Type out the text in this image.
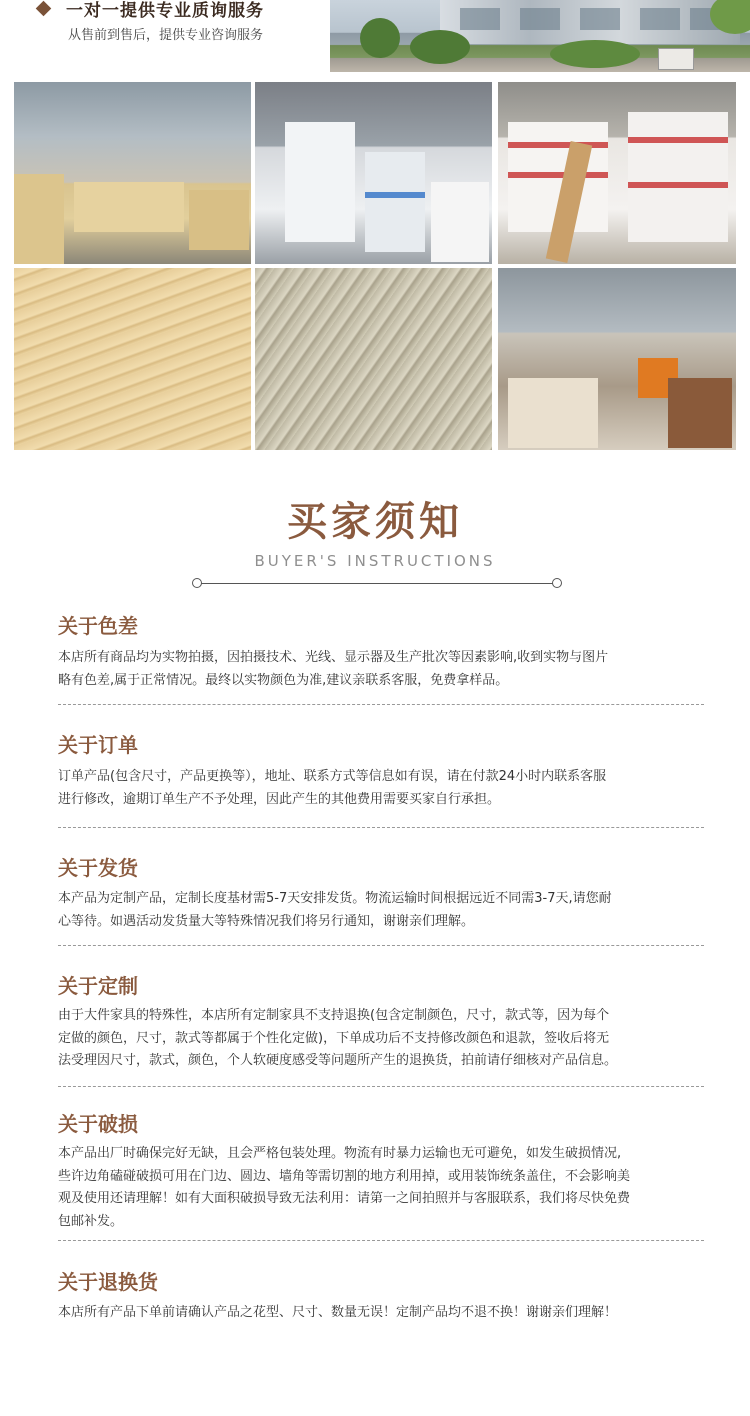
一对一提供专业质询服务
从售前到售后，提供专业咨询服务
买家须知
BUYER'S INSTRUCTIONS
关于色差
本店所有商品均为实物拍摄，因拍摄技术、光线、显示器及生产批次等因素影响,收到实物与图片
略有色差,属于正常情况。最终以实物颜色为准,建议亲联系客服，免费拿样品。
关于订单
订单产品(包含尺寸，产品更换等），地址、联系方式等信息如有误，请在付款24小时内联系客服
进行修改，逾期订单生产不予处理，因此产生的其他费用需要买家自行承担。
关于发货
本产品为定制产品，定制长度基材需5-7天安排发货。物流运输时间根据远近不同需3-7天,请您耐
心等待。如遇活动发货量大等特殊情况我们将另行通知，谢谢亲们理解。
关于定制
由于大件家具的特殊性，本店所有定制家具不支持退换(包含定制颜色，尺寸，款式等，因为每个
定做的颜色，尺寸，款式等都属于个性化定做)，下单成功后不支持修改颜色和退款，签收后将无
法受理因尺寸，款式，颜色，个人软硬度感受等问题所产生的退换货，拍前请仔细核对产品信息。
关于破损
本产品出厂时确保完好无缺，且会严格包装处理。物流有时暴力运输也无可避免，如发生破损情况,
些许边角磕碰破损可用在门边、圆边、墙角等需切割的地方利用掉，或用装饰统条盖住，不会影响美
观及使用还请理解！如有大面积破损导致无法利用：请第一之间拍照并与客服联系，我们将尽快免费
包邮补发。
关于退换货
本店所有产品下单前请确认产品之花型、尺寸、数量无误！定制产品均不退不换！谢谢亲们理解！
